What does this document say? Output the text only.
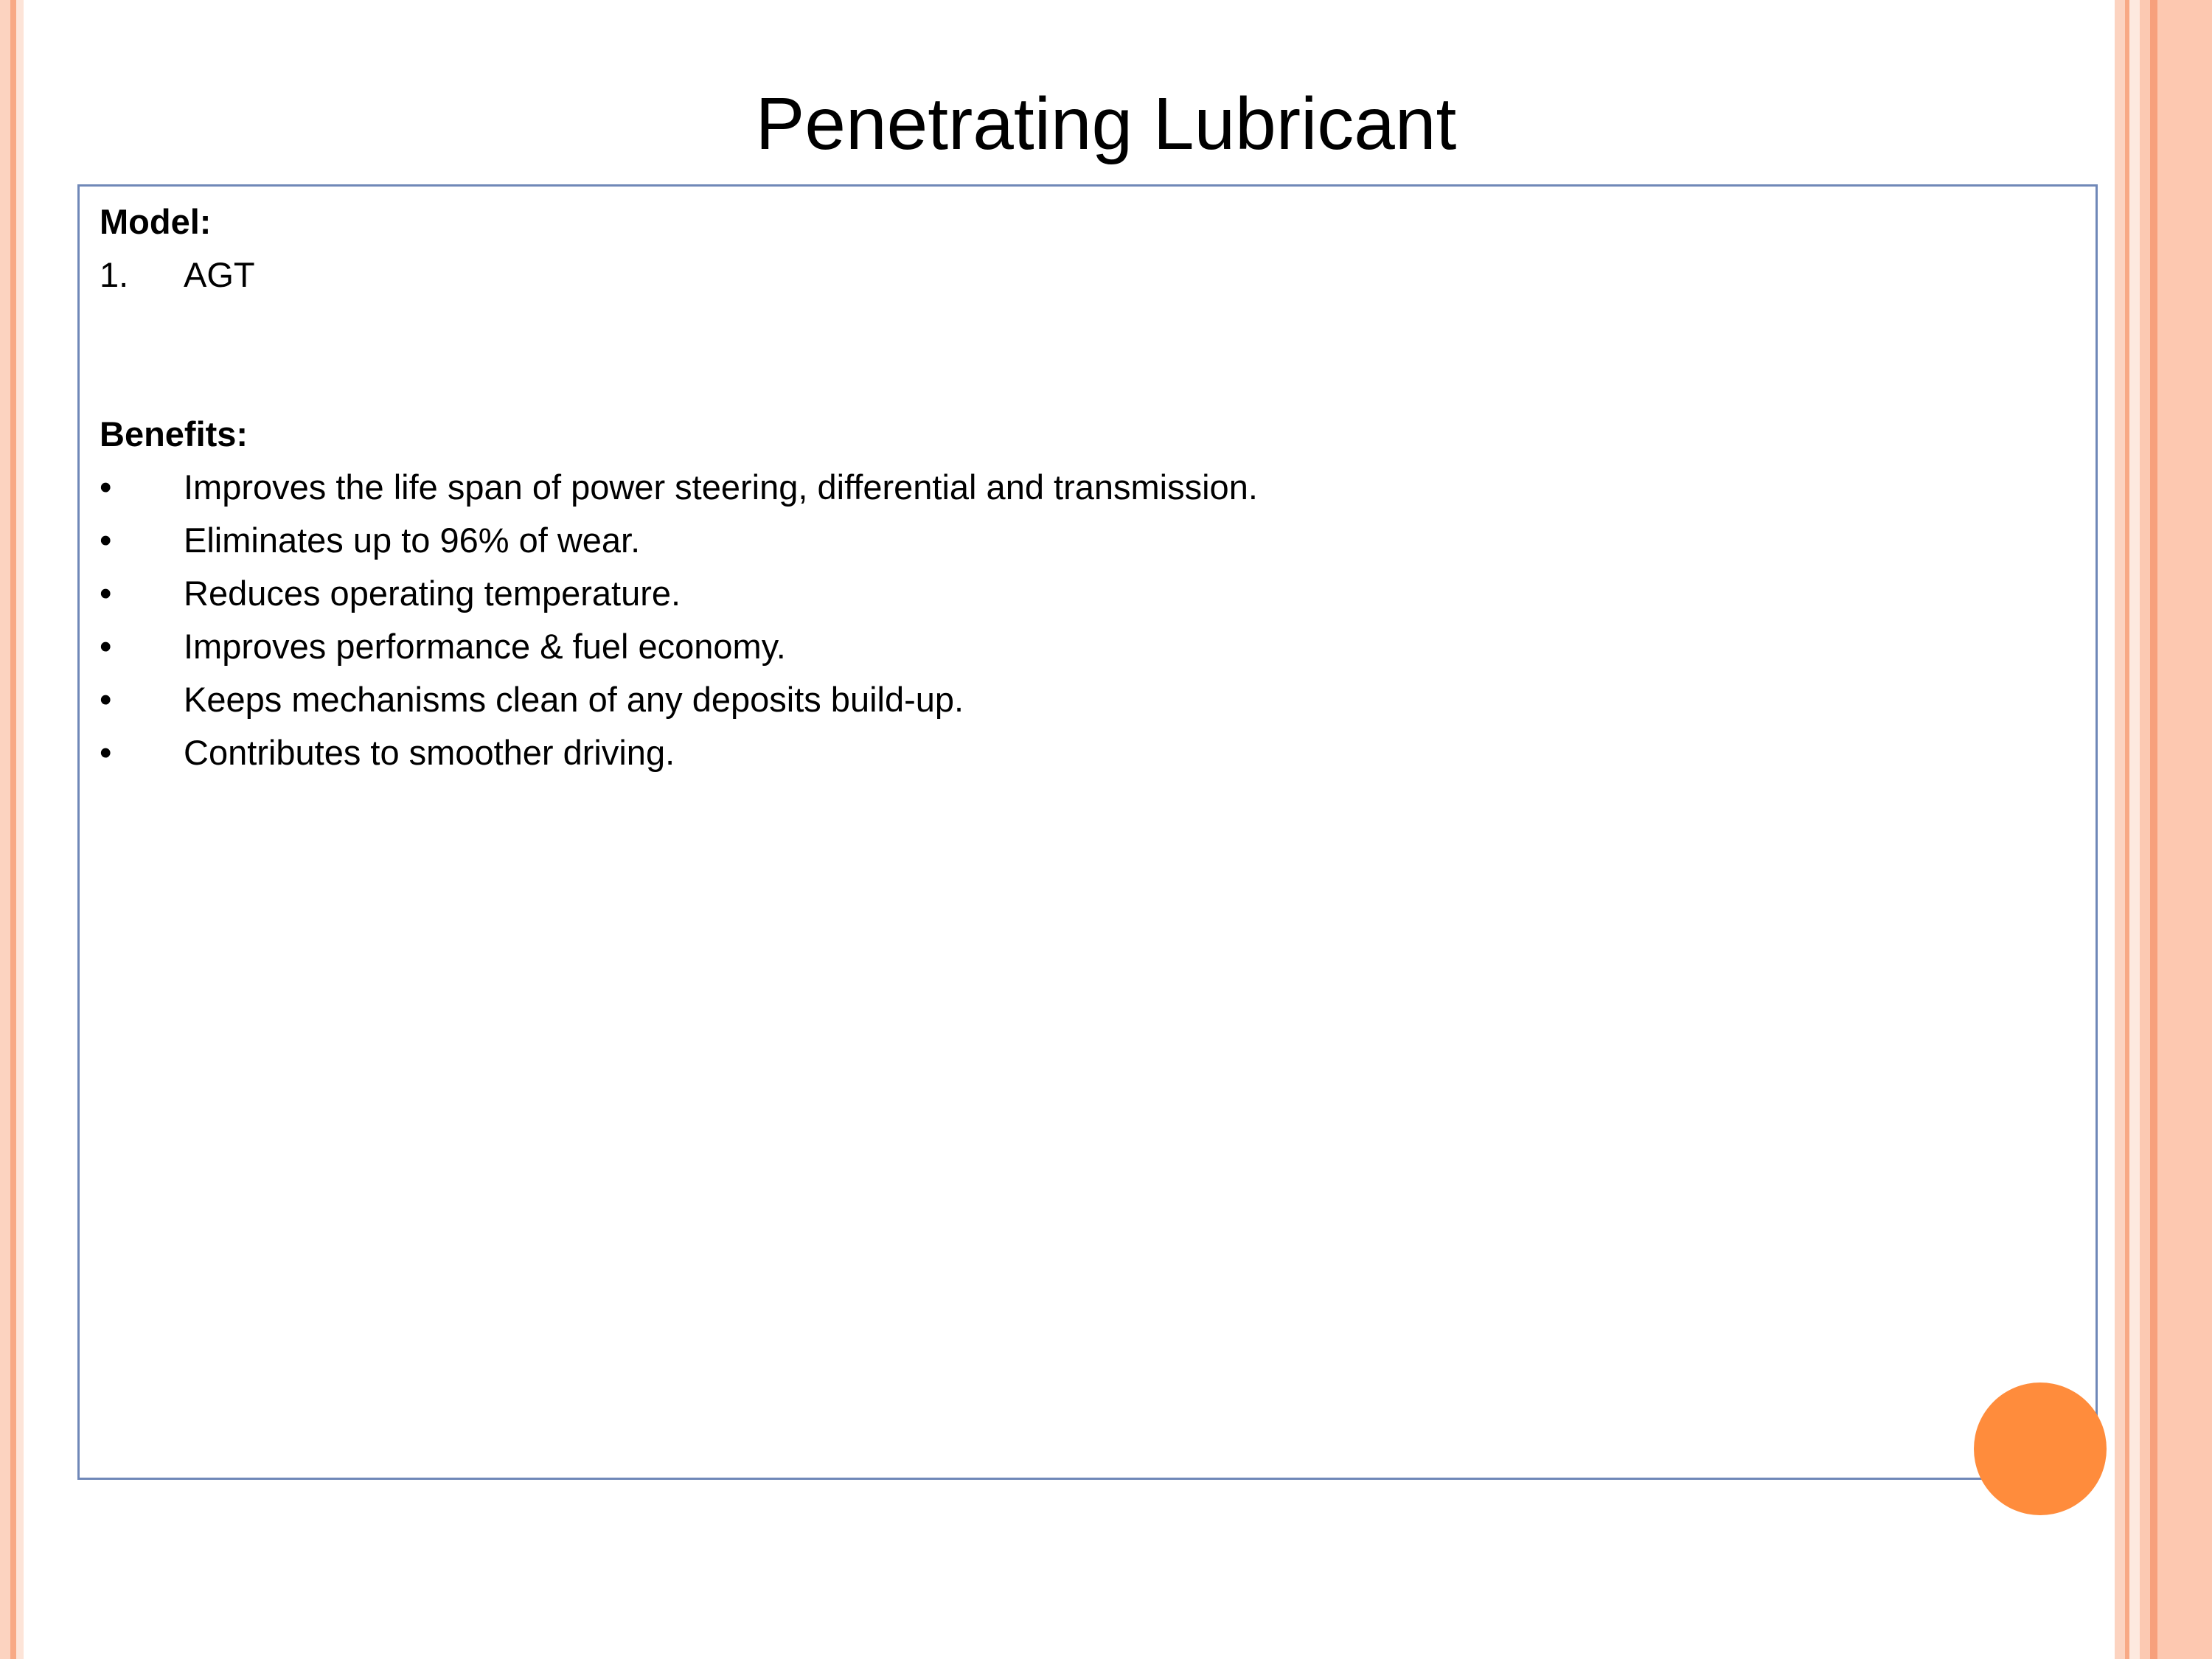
Penetrating Lubricant
Model:
1.	AGT
Benefits:
•	Improves the life span of power steering, differential and transmission.
•	Eliminates up to 96% of wear.
•	Reduces operating temperature.
•	Improves performance & fuel economy.
•	Keeps mechanisms clean of any deposits build-up.
•	Contributes to smoother driving.
